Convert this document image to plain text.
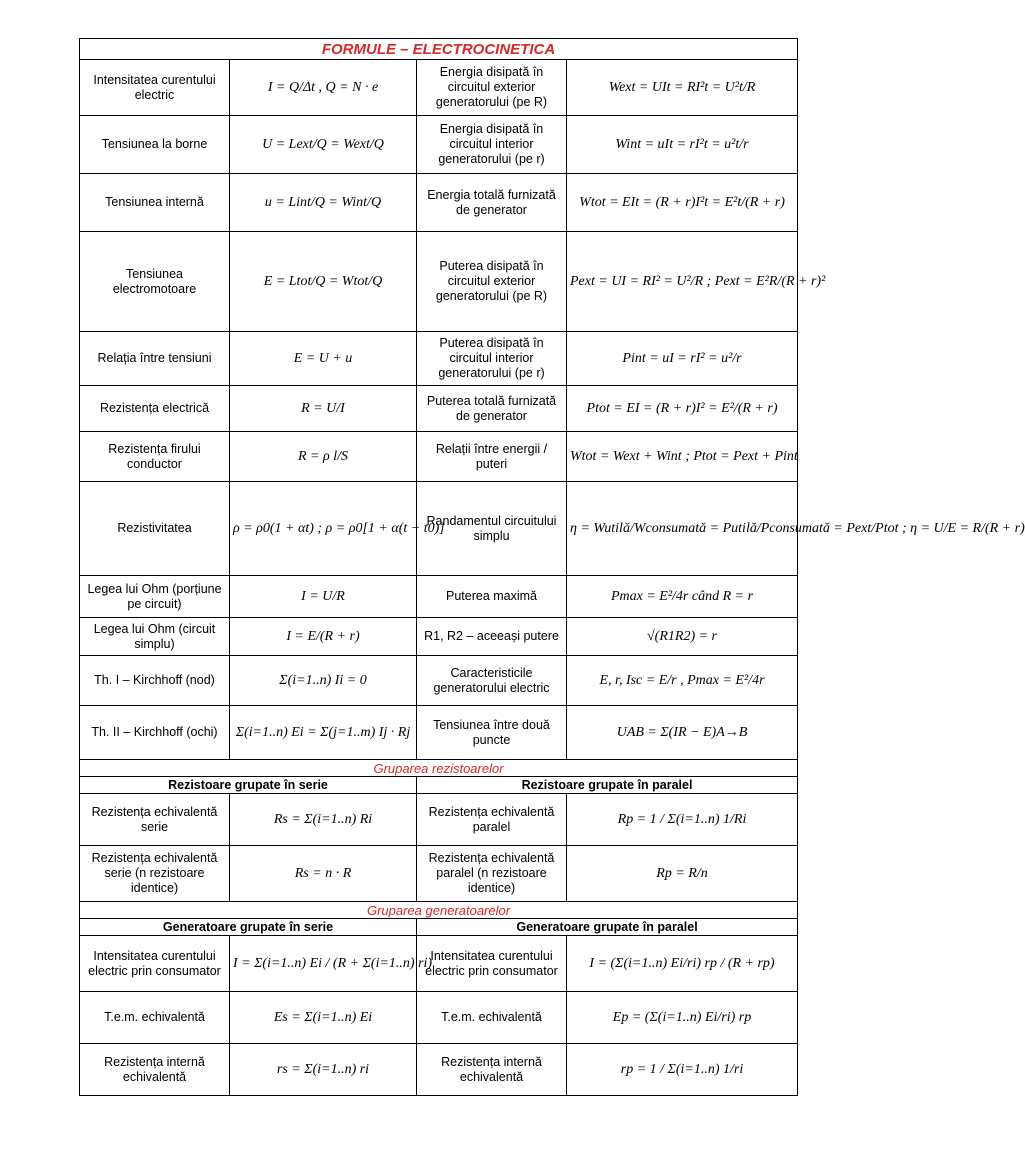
FORMULE – ELECTROCINETICA			
Intensitatea curentului electric	I = Q/Δt , Q = N · e	Energia disipată în circuitul exterior generatorului (pe R)	Wext = UIt = RI²t = U²t/R
Tensiunea la borne	U = Lext/Q = Wext/Q	Energia disipată în circuitul interior generatorului (pe r)	Wint = uIt = rI²t = u²t/r
Tensiunea internă	u = Lint/Q = Wint/Q	Energia totală furnizată de generator	Wtot = EIt = (R + r)I²t = E²t/(R + r)
Tensiunea electromotoare	E = Ltot/Q = Wtot/Q	Puterea disipată în circuitul exterior generatorului (pe R)	Pext = UI = RI² = U²/R ; Pext = E²R/(R + r)²
Relația între tensiuni	E = U + u	Puterea disipată în circuitul interior generatorului (pe r)	Pint = uI = rI² = u²/r
Rezistența electrică	R = U/I	Puterea totală furnizată de generator	Ptot = EI = (R + r)I² = E²/(R + r)
Rezistența firului conductor	R = ρ l/S	Relații între energii / puteri	Wtot = Wext + Wint ; Ptot = Pext + Pint
Rezistivitatea	ρ = ρ0(1 + αt) ; ρ = ρ0[1 + α(t − t0)]	Randamentul circuitului simplu	η = Wutilă/Wconsumată = Putilă/Pconsumată = Pext/Ptot ; η = U/E = R/(R + r)
Legea lui Ohm (porțiune pe circuit)	I = U/R	Puterea maximă	Pmax = E²/4r când R = r
Legea lui Ohm (circuit simplu)	I = E/(R + r)	R1, R2 – aceeași putere	√(R1R2) = r
Th. I – Kirchhoff (nod)	Σ(i=1..n) Ii = 0	Caracteristicile generatorului electric	E, r, Isc = E/r , Pmax = E²/4r
Th. II – Kirchhoff (ochi)	Σ(i=1..n) Ei = Σ(j=1..m) Ij · Rj	Tensiunea între două puncte	UAB = Σ(IR − E)A→B
Gruparea rezistoarelor			
Rezistoare grupate în serie		Rezistoare grupate în paralel	
Rezistența echivalentă serie	Rs = Σ(i=1..n) Ri	Rezistența echivalentă paralel	Rp = 1 / Σ(i=1..n) 1/Ri
Rezistența echivalentă serie (n rezistoare identice)	Rs = n · R	Rezistența echivalentă paralel (n rezistoare identice)	Rp = R/n
Gruparea generatoarelor			
Generatoare grupate în serie		Generatoare grupate în paralel	
Intensitatea curentului electric prin consumator	I = Σ(i=1..n) Ei / (R + Σ(i=1..n) ri)	Intensitatea curentului electric prin consumator	I = (Σ(i=1..n) Ei/ri) rp / (R + rp)
T.e.m. echivalentă	Es = Σ(i=1..n) Ei	T.e.m. echivalentă	Ep = (Σ(i=1..n) Ei/ri) rp
Rezistența internă echivalentă	rs = Σ(i=1..n) ri	Rezistența internă echivalentă	rp = 1 / Σ(i=1..n) 1/ri
